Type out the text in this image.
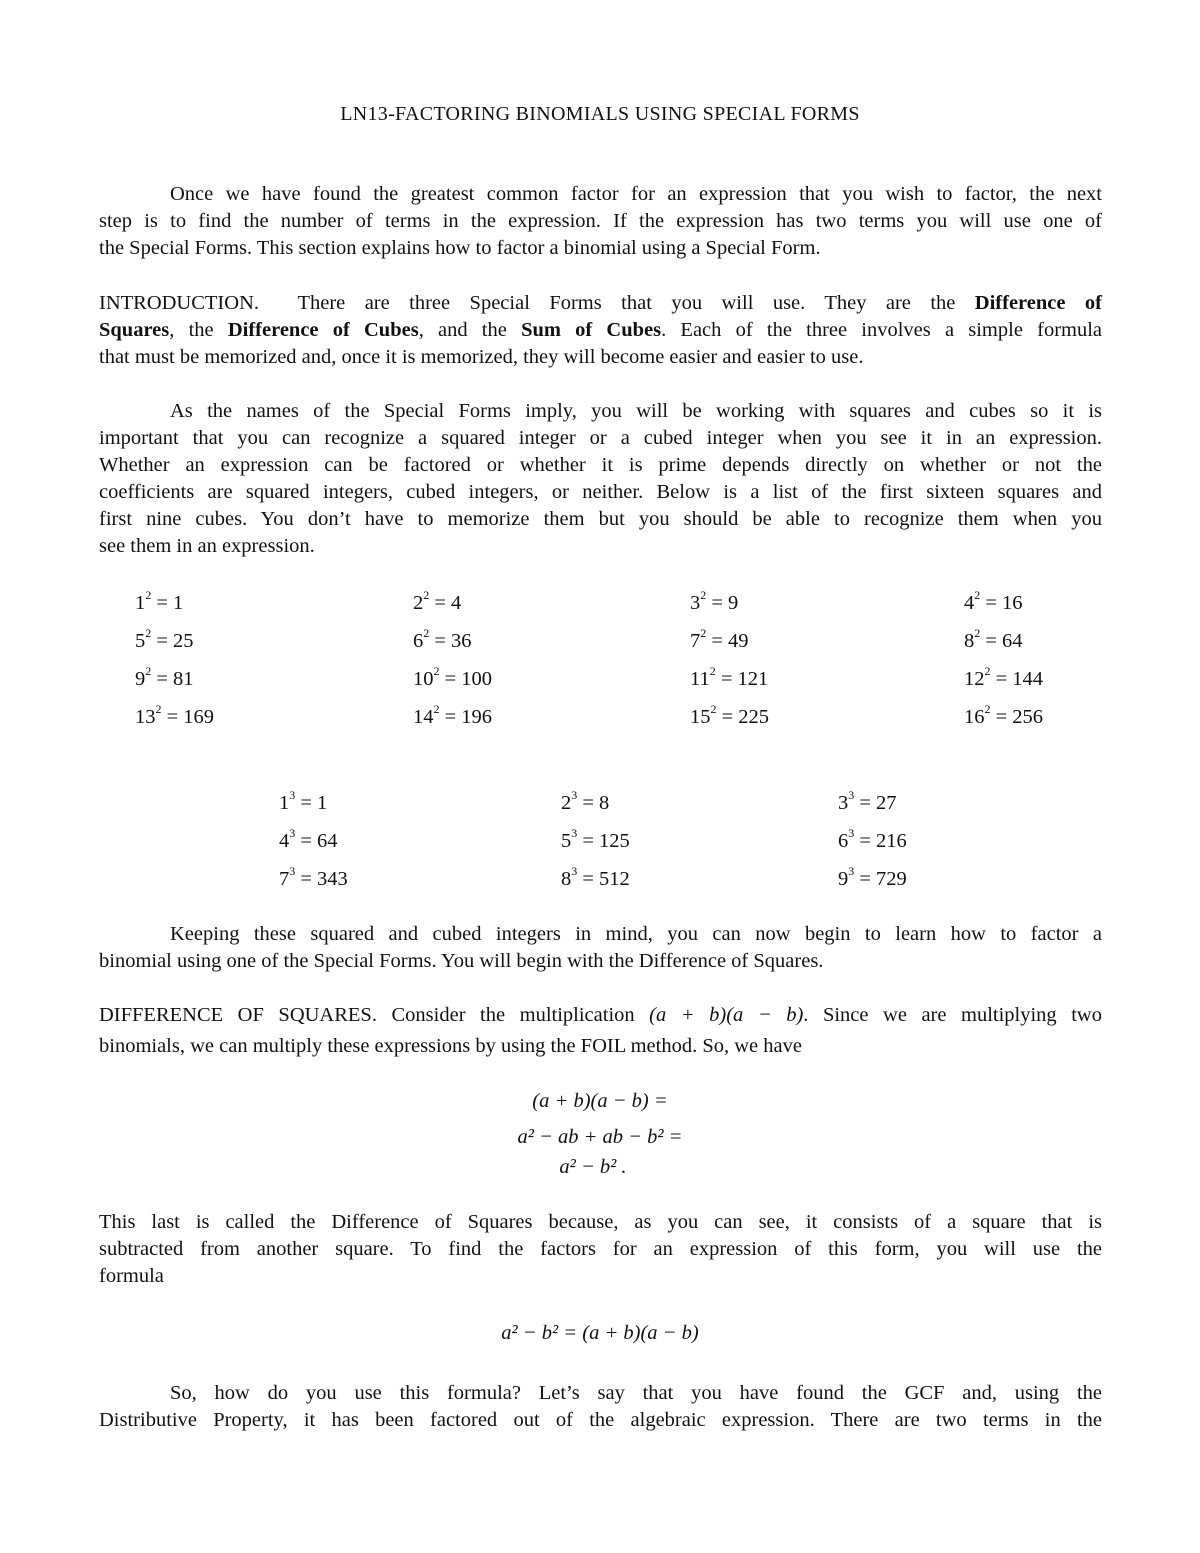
LN13-FACTORING BINOMIALS USING SPECIAL FORMS
Once we have found the greatest common factor for an expression that you wish to factor, the next
step is to find the number of terms in the expression. If the expression has two terms you will use one of
the Special Forms. This section explains how to factor a binomial using a Special Form.
INTRODUCTION. There are three Special Forms that you will use. They are the Difference of
Squares, the Difference of Cubes, and the Sum of Cubes. Each of the three involves a simple formula
that must be memorized and, once it is memorized, they will become easier and easier to use.
As the names of the Special Forms imply, you will be working with squares and cubes so it is
important that you can recognize a squared integer or a cubed integer when you see it in an expression.
Whether an expression can be factored or whether it is prime depends directly on whether or not the
coefficients are squared integers, cubed integers, or neither. Below is a list of the first sixteen squares and
first nine cubes. You don’t have to memorize them but you should be able to recognize them when you
see them in an expression.
$1^2 = 1$	$2^2 = 4$	$3^2 = 9$	$4^2 = 16$
$5^2 = 25$	$6^2 = 36$	$7^2 = 49$	$8^2 = 64$
$9^2 = 81$	$10^2 = 100$	$11^2 = 121$	$12^2 = 144$
$13^2 = 169$	$14^2 = 196$	$15^2 = 225$	$16^2 = 256$
$1^3 = 1$	$2^3 = 8$	$3^3 = 27$
$4^3 = 64$	$5^3 = 125$	$6^3 = 216$
$7^3 = 343$	$8^3 = 512$	$9^3 = 729$
Keeping these squared and cubed integers in mind, you can now begin to learn how to factor a
binomial using one of the Special Forms. You will begin with the Difference of Squares.
DIFFERENCE OF SQUARES. Consider the multiplication (a + b)(a − b). Since we are multiplying two
binomials, we can multiply these expressions by using the FOIL method. So, we have
(a + b)(a − b) =
a² − ab + ab − b² =
a² − b² .
This last is called the Difference of Squares because, as you can see, it consists of a square that is
subtracted from another square. To find the factors for an expression of this form, you will use the
formula
a² − b² = (a + b)(a − b)
So, how do you use this formula? Let’s say that you have found the GCF and, using the
Distributive Property, it has been factored out of the algebraic expression. There are two terms in the
